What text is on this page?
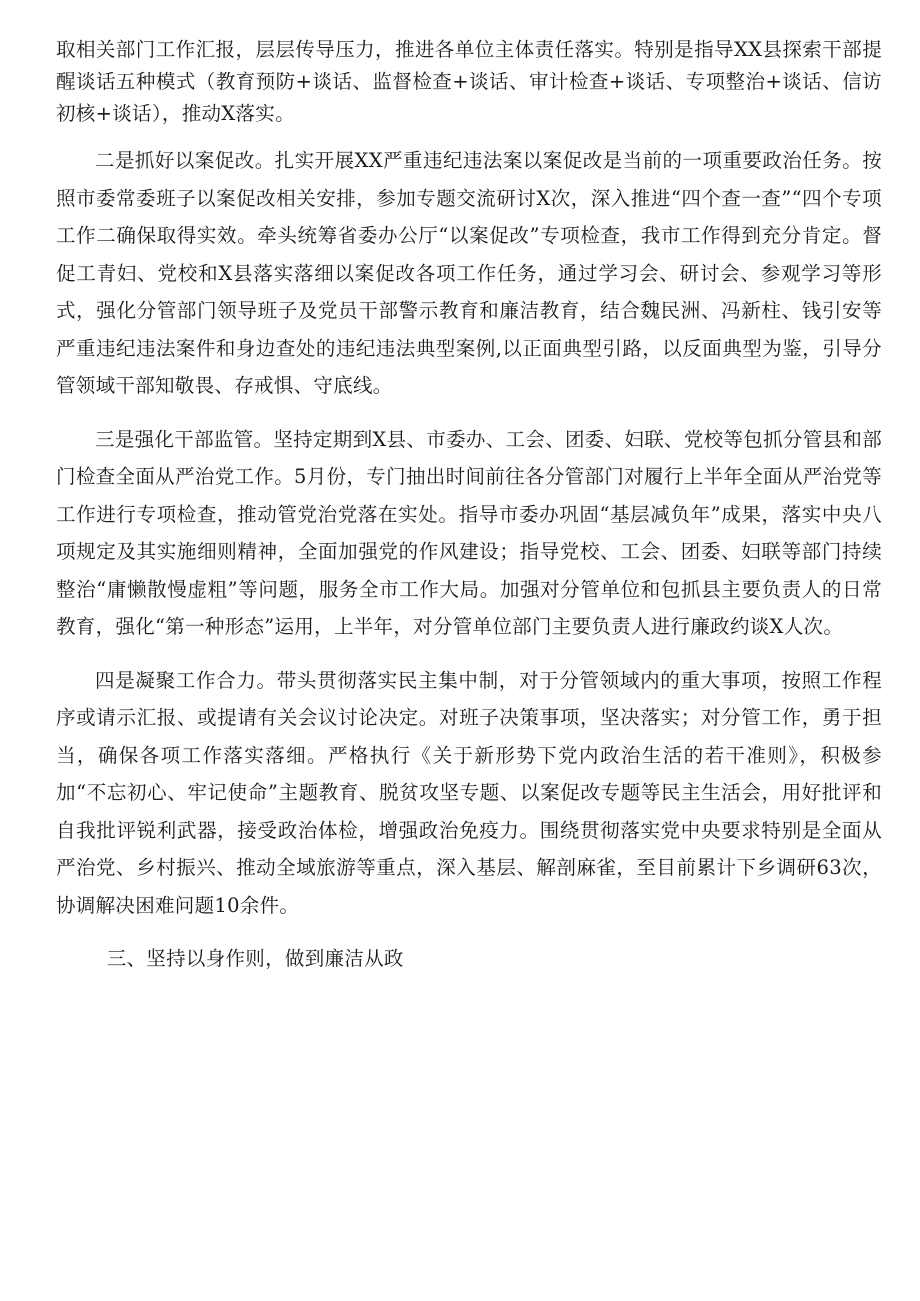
取相关部门工作汇报，层层传导压力，推进各单位主体责任落实。特别是指导XX县探索干部提醒谈话五种模式（教育预防+谈话、监督检查+谈话、审计检查+谈话、专项整治+谈话、信访初核+谈话），推动X落实。

二是抓好以案促改。扎实开展XX严重违纪违法案以案促改是当前的一项重要政治任务。按照市委常委班子以案促改相关安排，参加专题交流研讨X次，深入推进“四个查一查”“四个专项工作二确保取得实效。牵头统筹省委办公厅“以案促改”专项检查，我市工作得到充分肯定。督促工青妇、党校和X县落实落细以案促改各项工作任务，通过学习会、研讨会、参观学习等形式，强化分管部门领导班子及党员干部警示教育和廉洁教育，结合魏民洲、冯新柱、钱引安等严重违纪违法案件和身边查处的违纪违法典型案例,以正面典型引路，以反面典型为鉴，引导分管领域干部知敬畏、存戒惧、守底线。

三是强化干部监管。坚持定期到X县、市委办、工会、团委、妇联、党校等包抓分管县和部门检查全面从严治党工作。5月份，专门抽出时间前往各分管部门对履行上半年全面从严治党等工作进行专项检查，推动管党治党落在实处。指导市委办巩固“基层减负年”成果，落实中央八项规定及其实施细则精神，全面加强党的作风建设；指导党校、工会、团委、妇联等部门持续整治“庸懒散慢虚粗”等问题，服务全市工作大局。加强对分管单位和包抓县主要负责人的日常教育，强化“第一种形态”运用，上半年，对分管单位部门主要负责人进行廉政约谈X人次。

四是凝聚工作合力。带头贯彻落实民主集中制，对于分管领域内的重大事项，按照工作程序或请示汇报、或提请有关会议讨论决定。对班子决策事项，坚决落实；对分管工作，勇于担当，确保各项工作落实落细。严格执行《关于新形势下党内政治生活的若干准则》，积极参加“不忘初心、牢记使命”主题教育、脱贫攻坚专题、以案促改专题等民主生活会，用好批评和自我批评锐利武器，接受政治体检，增强政治免疫力。围绕贯彻落实党中央要求特别是全面从严治党、乡村振兴、推动全域旅游等重点，深入基层、解剖麻雀，至目前累计下乡调研63次，协调解决困难问题10余件。

三、坚持以身作则，做到廉洁从政
